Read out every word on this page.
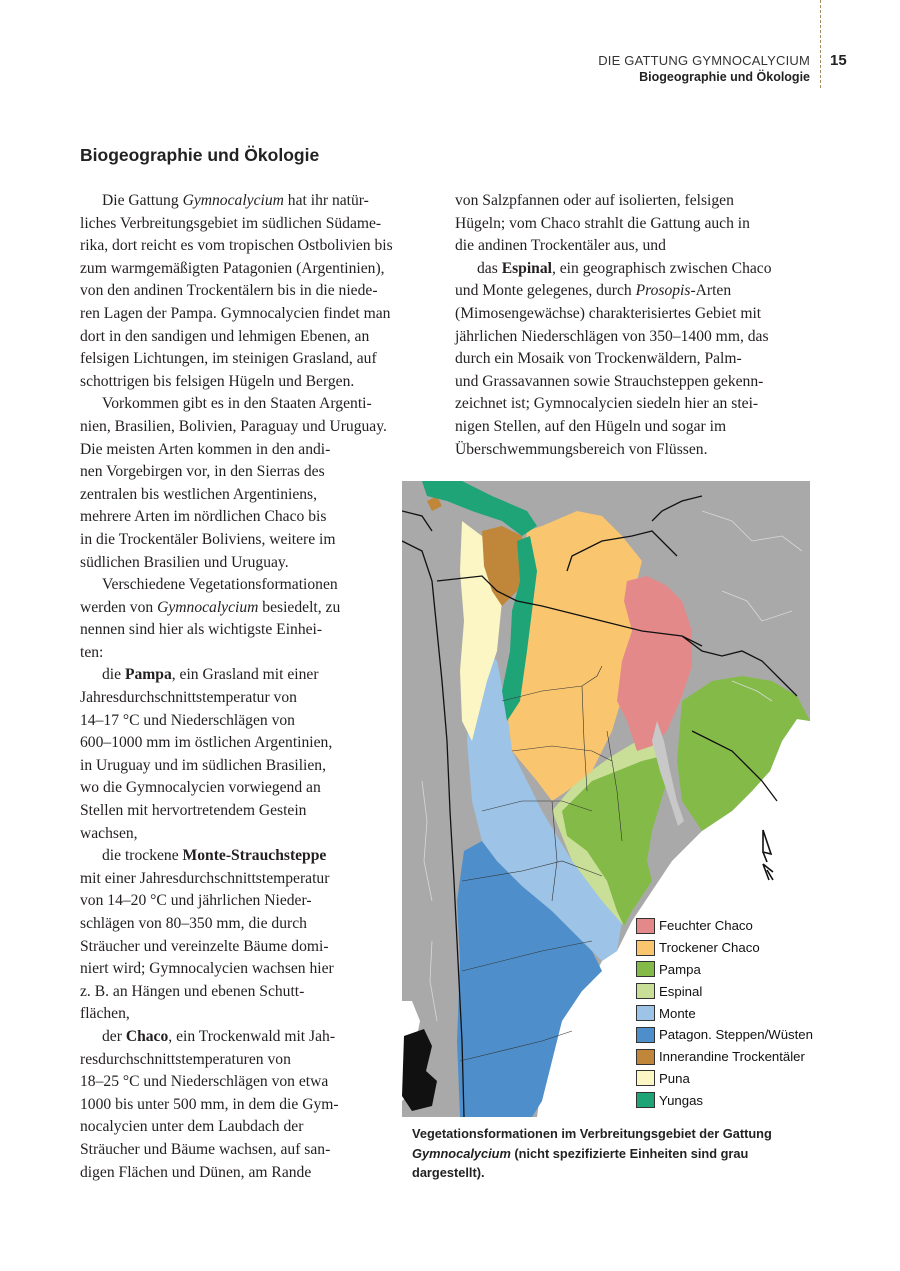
DIE GATTUNG GYMNOCALYCIUM
Biogeographie und Ökologie
15
Biogeographie und Ökologie
Die Gattung Gymnocalycium hat ihr natür-
liches Verbreitungsgebiet im südlichen Südame-
rika, dort reicht es vom tropischen Ostbolivien bis
zum warmgemäßigten Patagonien (Argentinien),
von den andinen Trockentälern bis in die niede-
ren Lagen der Pampa. Gymnocalycien findet man
dort in den sandigen und lehmigen Ebenen, an
felsigen Lichtungen, im steinigen Grasland, auf
schottrigen bis felsigen Hügeln und Bergen.
Vorkommen gibt es in den Staaten Argenti-
nien, Brasilien, Bolivien, Paraguay und Uruguay.
Die meisten Arten kommen in den andi-
nen Vorgebirgen vor, in den Sierras des
zentralen bis westlichen Argentiniens,
mehrere Arten im nördlichen Chaco bis
in die Trockentäler Boliviens, weitere im
südlichen Brasilien und Uruguay.
Verschiedene Vegetationsformationen
werden von Gymnocalycium besiedelt, zu
nennen sind hier als wichtigste Einhei-
ten:
die Pampa, ein Grasland mit einer
Jahresdurchschnittstemperatur von
14–17 °C und Niederschlägen von
600–1000 mm im östlichen Argentinien,
in Uruguay und im südlichen Brasilien,
wo die Gymnocalycien vorwiegend an
Stellen mit hervortretendem Gestein
wachsen,
die trockene Monte-Strauchsteppe
mit einer Jahresdurchschnittstemperatur
von 14–20 °C und jährlichen Nieder-
schlägen von 80–350 mm, die durch
Sträucher und vereinzelte Bäume domi-
niert wird; Gymnocalycien wachsen hier
z. B. an Hängen und ebenen Schutt-
flächen,
der Chaco, ein Trockenwald mit Jah-
resdurchschnittstemperaturen von
18–25 °C und Niederschlägen von etwa
1000 bis unter 500 mm, in dem die Gym-
nocalycien unter dem Laubdach der
Sträucher und Bäume wachsen, auf san-
digen Flächen und Dünen, am Rande
von Salzpfannen oder auf isolierten, felsigen
Hügeln; vom Chaco strahlt die Gattung auch in
die andinen Trockentäler aus, und
das Espinal, ein geographisch zwischen Chaco
und Monte gelegenes, durch Prosopis-Arten
(Mimosengewächse) charakterisiertes Gebiet mit
jährlichen Niederschlägen von 350–1400 mm, das
durch ein Mosaik von Trockenwäldern, Palm-
und Grassavannen sowie Strauchsteppen gekenn-
zeichnet ist; Gymnocalycien siedeln hier an stei-
nigen Stellen, auf den Hügeln und sogar im
Überschwemmungsbereich von Flüssen.
Feuchter Chaco
Trockener Chaco
Pampa
Espinal
Monte
Patagon. Steppen/Wüsten
Innerandine Trockentäler
Puna
Yungas
Vegetationsformationen im Verbreitungsgebiet der Gattung Gymnocalycium (nicht spezifizierte Einheiten sind grau dargestellt).
